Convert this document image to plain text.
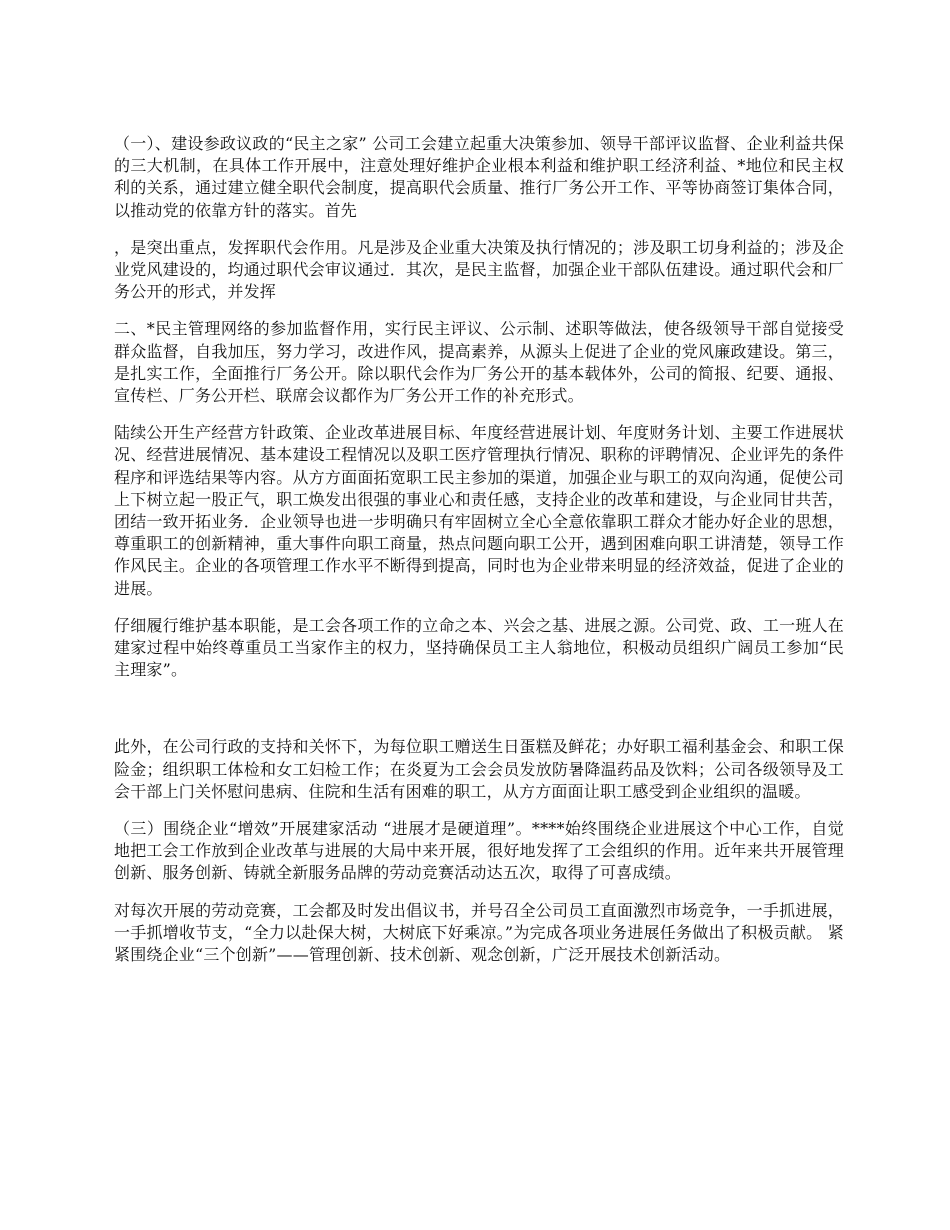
（一）、建设参政议政的“民主之家” 公司工会建立起重大决策参加、领导干部评议监督、企业利益共保的三大机制，在具体工作开展中，注意处理好维护企业根本利益和维护职工经济利益、*地位和民主权利的关系，通过建立健全职代会制度，提高职代会质量、推行厂务公开工作、平等协商签订集体合同，以推动党的依靠方针的落实。首先

，是突出重点，发挥职代会作用。凡是涉及企业重大决策及执行情况的；涉及职工切身利益的；涉及企业党风建设的，均通过职代会审议通过．其次，是民主监督，加强企业干部队伍建设。通过职代会和厂务公开的形式，并发挥

二、*民主管理网络的参加监督作用，实行民主评议、公示制、述职等做法，使各级领导干部自觉接受群众监督，自我加压，努力学习，改进作风，提高素养，从源头上促进了企业的党风廉政建设。第三，是扎实工作，全面推行厂务公开。除以职代会作为厂务公开的基本载体外，公司的简报、纪要、通报、宣传栏、厂务公开栏、联席会议都作为厂务公开工作的补充形式。

陆续公开生产经营方针政策、企业改革进展目标、年度经营进展计划、年度财务计划、主要工作进展状况、经营进展情况、基本建设工程情况以及职工医疗管理执行情况、职称的评聘情况、企业评先的条件程序和评选结果等内容。从方方面面拓宽职工民主参加的渠道，加强企业与职工的双向沟通，促使公司上下树立起一股正气，职工焕发出很强的事业心和责任感，支持企业的改革和建设，与企业同甘共苦，团结一致开拓业务．企业领导也进一步明确只有牢固树立全心全意依靠职工群众才能办好企业的思想，尊重职工的创新精神，重大事件向职工商量，热点问题向职工公开，遇到困难向职工讲清楚，领导工作作风民主。企业的各项管理工作水平不断得到提高，同时也为企业带来明显的经济效益，促进了企业的进展。

仔细履行维护基本职能，是工会各项工作的立命之本、兴会之基、进展之源。公司党、政、工一班人在建家过程中始终尊重员工当家作主的权力，坚持确保员工主人翁地位，积极动员组织广阔员工参加“民主理家”。

此外，在公司行政的支持和关怀下，为每位职工赠送生日蛋糕及鲜花；办好职工福利基金会、和职工保险金；组织职工体检和女工妇检工作；在炎夏为工会会员发放防暑降温药品及饮料；公司各级领导及工会干部上门关怀慰问患病、住院和生活有困难的职工，从方方面面让职工感受到企业组织的温暖。

（三）围绕企业“增效”开展建家活动 “进展才是硬道理”。****始终围绕企业进展这个中心工作，自觉地把工会工作放到企业改革与进展的大局中来开展，很好地发挥了工会组织的作用。近年来共开展管理创新、服务创新、铸就全新服务品牌的劳动竞赛活动达五次，取得了可喜成绩。

对每次开展的劳动竞赛，工会都及时发出倡议书，并号召全公司员工直面激烈市场竞争，一手抓进展，一手抓增收节支，“全力以赴保大树，大树底下好乘凉。”为完成各项业务进展任务做出了积极贡献。 紧紧围绕企业“三个创新”——管理创新、技术创新、观念创新，广泛开展技术创新活动。
